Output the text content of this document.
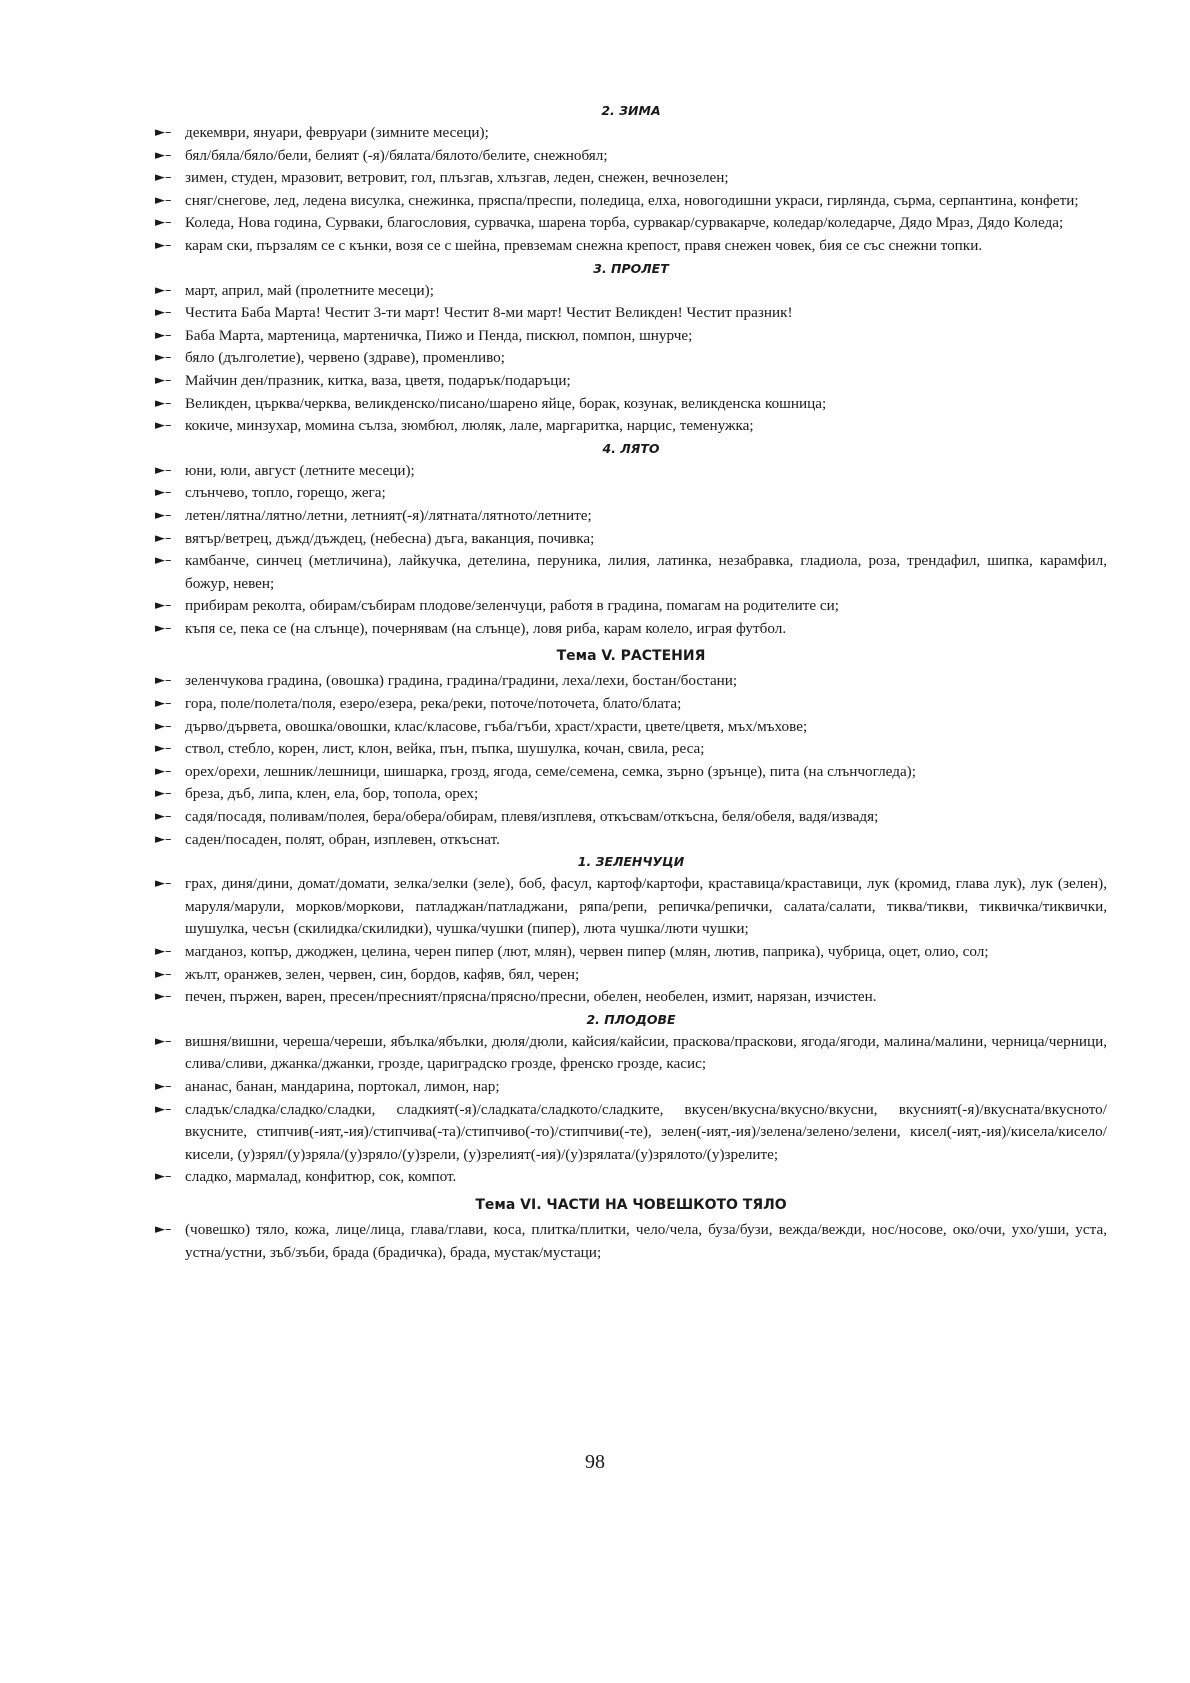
2. ЗИМА
►– декември, януари, февруари (зимните месеци);
►– бял/бяла/бяло/бели, белият (-я)/бялата/бялото/белите, снежнобял;
►– зимен, студен, мразовит, ветровит, гол, плъзгав, хлъзгав, леден, снежен, вечнозелен;
►– сняг/снегове, лед, ледена висулка, снежинка, пряспа/преспи, поледица, елха, новогодишни украси, гирлянда, сърма, серпантина, конфети;
►– Коледа, Нова година, Сурваки, благословия, сурвачка, шарена торба, сурвакар/сурвакарче, коледар/коледарче, Дядо Мраз, Дядо Коледа;
►– карам ски, пързалям се с кънки, возя се с шейна, превземам снежна крепост, правя снежен човек, бия се със снежни топки.
3. ПРОЛЕТ
►– март, април, май (пролетните месеци);
►– Честита Баба Марта! Честит 3-ти март! Честит 8-ми март! Честит Великден! Честит празник!
►– Баба Марта, мартеница, мартеничка, Пижо и Пенда, пискюл, помпон, шнурче;
►– бяло (дълголетие), червено (здраве), променливо;
►– Майчин ден/празник, китка, ваза, цветя, подарък/подаръци;
►– Великден, църква/черква, великденско/писано/шарено яйце, борак, козунак, великденска кошница;
►– кокиче, минзухар, момина сълза, зюмбюл, люляк, лале, маргаритка, нарцис, теменужка;
4. ЛЯТО
►– юни, юли, август (летните месеци);
►– слънчево, топло, горещо, жега;
►– летен/лятна/лятно/летни, летният(-я)/лятната/лятното/летните;
►– вятър/ветрец, дъжд/дъждец, (небесна) дъга, ваканция, почивка;
►– камбанче, синчец (метличина), лайкучка, детелина, перуника, лилия, латинка, незабравка, гладиола, роза, трендафил, шипка, карамфил, божур, невен;
►– прибирам реколта, обирам/събирам плодове/зеленчуци, работя в градина, помагам на родителите си;
►– къпя се, пека се (на слънце), почернявам (на слънце), ловя риба, карам колело, играя футбол.
Тема V. РАСТЕНИЯ
►– зеленчукова градина, (овошка) градина, градина/градини, леха/лехи, бостан/бостани;
►– гора, поле/полета/поля, езеро/езера, река/реки, поточе/поточета, блато/блата;
►– дърво/дървета, овошка/овошки, клас/класове, гъба/гъби, храст/храсти, цвете/цветя, мъх/мъхове;
►– ствол, стебло, корен, лист, клон, вейка, пън, пъпка, шушулка, кочан, свила, реса;
►– орех/орехи, лешник/лешници, шишарка, грозд, ягода, семе/семена, семка, зърно (зрънце), пита (на слънчогледа);
►– бреза, дъб, липа, клен, ела, бор, топола, орех;
►– садя/посадя, поливам/полея, бера/обера/обирам, плевя/изплевя, откъсвам/откъсна, беля/обеля, вадя/извадя;
►– саден/посаден, полят, обран, изплевен, откъснат.
1. ЗЕЛЕНЧУЦИ
►– грах, диня/дини, домат/домати, зелка/зелки (зеле), боб, фасул, картоф/картофи, краставица/краставици, лук (кромид, глава лук), лук (зелен), маруля/марули, морков/моркови, патладжан/патладжани, ряпа/репи, репичка/репички, салата/салати, тиква/тикви, тиквичка/тиквички, шушулка, чесън (скилидка/скилидки), чушка/чушки (пипер), люта чушка/люти чушки;
►– магданоз, копър, джоджен, целина, черен пипер (лют, млян), червен пипер (млян, лютив, паприка), чубрица, оцет, олио, сол;
►– жълт, оранжев, зелен, червен, син, бордов, кафяв, бял, черен;
►– печен, пържен, варен, пресен/пресният/прясна/прясно/пресни, обелен, необелен, измит, нарязан, изчистен.
2. ПЛОДОВЕ
►– вишня/вишни, череша/череши, ябълка/ябълки, дюля/дюли, кайсия/кайсии, праскова/праскови, ягода/ягоди, малина/малини, черница/черници, слива/сливи, джанка/джанки, грозде, цариградско грозде, френско грозде, касис;
►– ананас, банан, мандарина, портокал, лимон, нар;
►– сладък/сладка/сладко/сладки, сладкият(-я)/сладката/сладкото/сладките, вкусен/вкусна/вкусно/вкусни, вкусният(-я)/вкусната/вкусното/вкусните, стипчив(-ият,-ия)/стипчива(-та)/стипчиво(-то)/стипчиви(-те), зелен(-ият,-ия)/зелена/зелено/зелени, кисел(-ият,-ия)/кисела/кисело/кисели, (у)зрял/(у)зряла/(у)зряло/(у)зрели, (у)зрелият(-ия)/(у)зрялата/(у)зрялото/(у)зрелите;
►– сладко, мармалад, конфитюр, сок, компот.
Тема VI. ЧАСТИ НА ЧОВЕШКОТО ТЯЛО
►– (човешко) тяло, кожа, лице/лица, глава/глави, коса, плитка/плитки, чело/чела, буза/бузи, вежда/вежди, нос/носове, око/очи, ухо/уши, уста, устна/устни, зъб/зъби, брада (брадичка), брада, мустак/мустаци;
98
